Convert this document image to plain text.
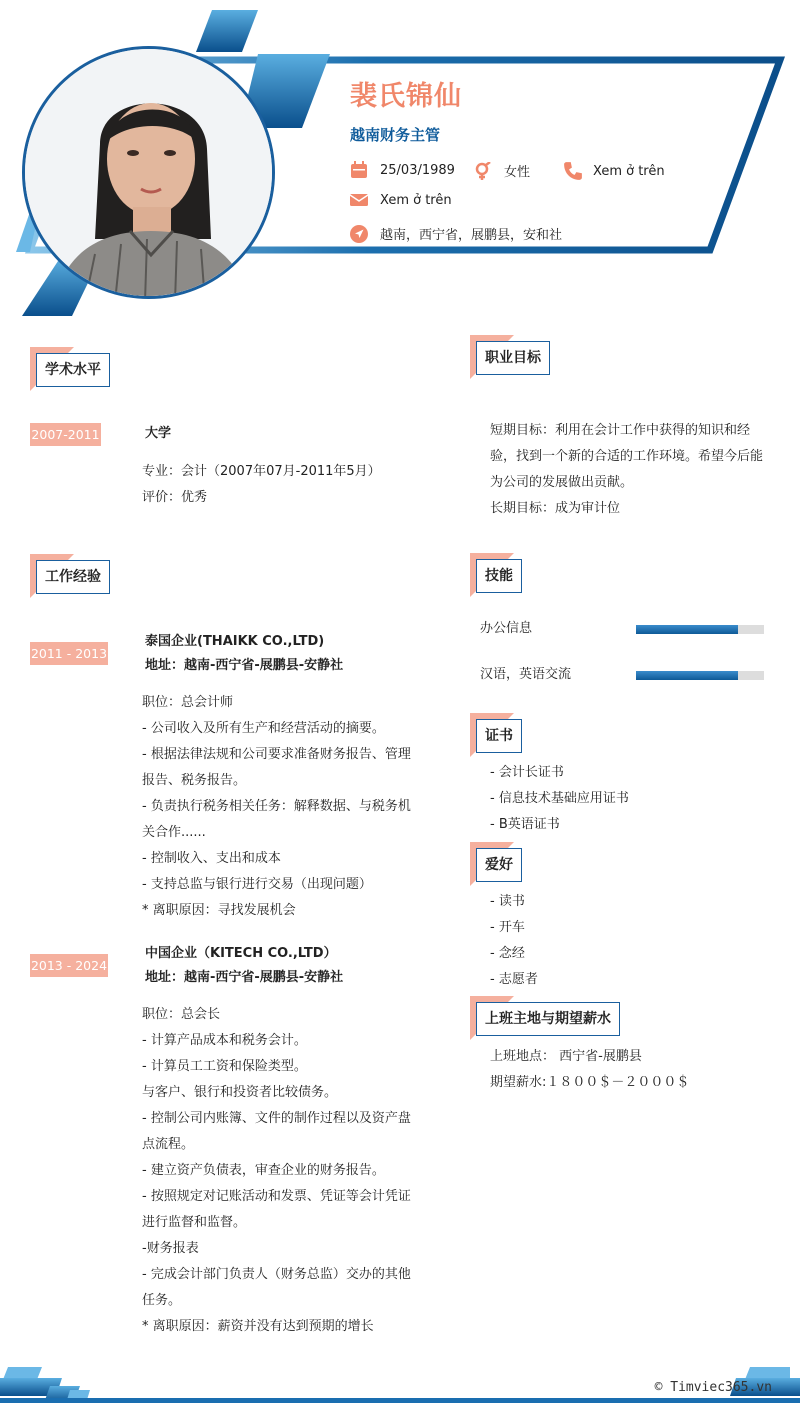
裴氏锦仙
越南财务主管
25/03/1989	女性	Xem ở trên
Xem ở trên
越南，西宁省，展鹏县，安和社
学术水平
2007-2011	大学
专业：会计（2007年07月-2011年5月）
评价：优秀
工作经验
2011 - 2013
泰国企业(THAIKK CO.,LTD)
地址：越南-西宁省-展鹏县-安静社
职位：总会计师
- 公司收入及所有生产和经营活动的摘要。
- 根据法律法规和公司要求准备财务报告、管理
报告、税务报告。
- 负责执行税务相关任务：解释数据、与税务机
关合作......
- 控制收入、支出和成本
- 支持总监与银行进行交易（出现问题）
* 离职原因：寻找发展机会
2013 - 2024
中国企业（KITECH CO.,LTD）
地址：越南-西宁省-展鹏县-安静社
职位：总会长
- 计算产品成本和税务会计。
- 计算员工工资和保险类型。
与客户、银行和投资者比较债务。
- 控制公司内账簿、文件的制作过程以及资产盘
点流程。
- 建立资产负债表，审查企业的财务报告。
- 按照规定对记账活动和发票、凭证等会计凭证
进行监督和监督。
-财务报表
- 完成会计部门负责人（财务总监）交办的其他
任务。
* 离职原因：薪资并没有达到预期的增长
职业目标
短期目标：利用在会计工作中获得的知识和经
验，找到一个新的合适的工作环境。希望今后能
为公司的发展做出贡献。
长期目标：成为审计位
技能
办公信息
汉语，英语交流
证书
- 会计长证书
- 信息技术基础应用证书
- B英语证书
爱好
- 读书
- 开车
- 念经
- 志愿者
上班主地与期望薪水
上班地点： 西宁省-展鹏县
期望薪水:１８００＄－２０００＄
© Timviec365.vn
